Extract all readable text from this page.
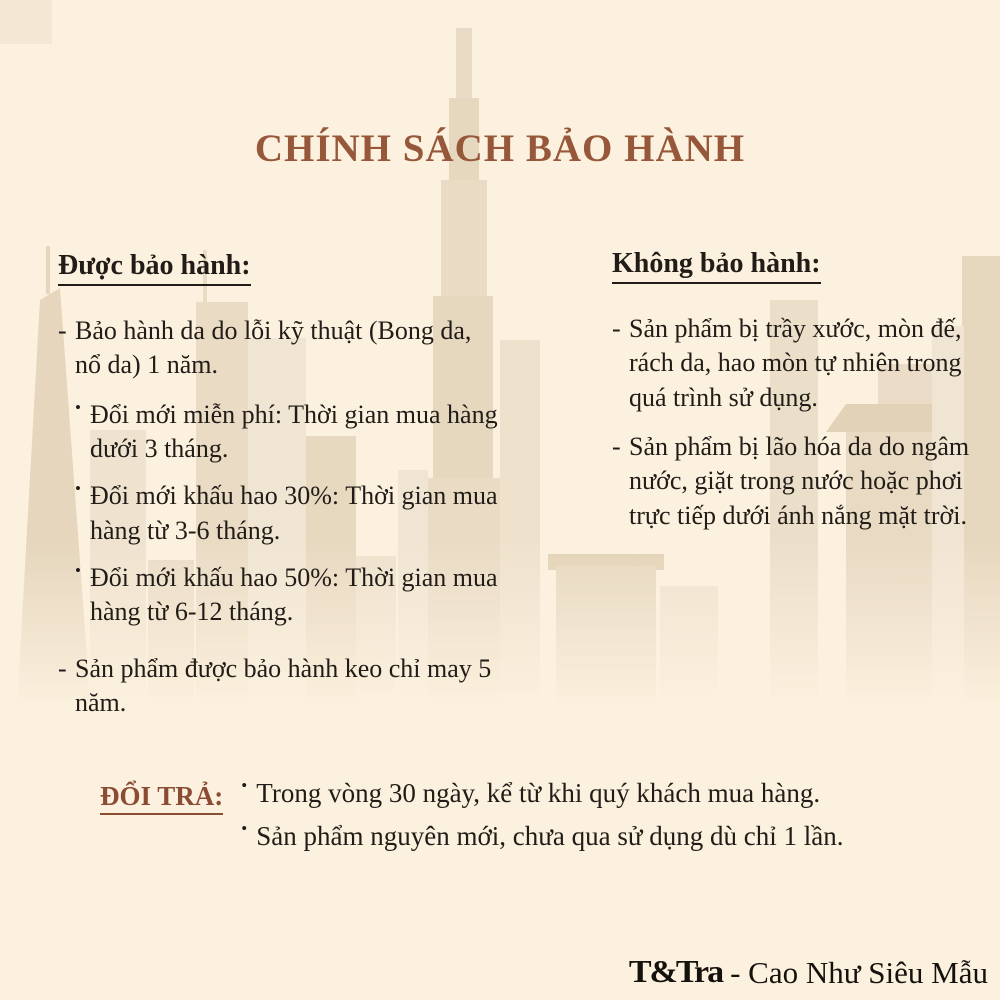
CHÍNH SÁCH BẢO HÀNH
Được bảo hành:
- Bảo hành da do lỗi kỹ thuật (Bong da, nổ da) 1 năm.
• Đổi mới miễn phí: Thời gian mua hàng dưới 3 tháng.
• Đổi mới khấu hao 30%: Thời gian mua hàng từ 3-6 tháng.
• Đổi mới khấu hao 50%: Thời gian mua hàng từ 6-12 tháng.
- Sản phẩm được bảo hành keo chỉ may 5 năm.
Không bảo hành:
- Sản phẩm bị trầy xước, mòn đế, rách da, hao mòn tự nhiên trong quá trình sử dụng.
- Sản phẩm bị lão hóa da do ngâm nước, giặt trong nước hoặc phơi trực tiếp dưới ánh nắng mặt trời.
ĐỔI TRẢ: • Trong vòng 30 ngày, kể từ khi quý khách mua hàng.
• Sản phẩm nguyên mới, chưa qua sử dụng dù chỉ 1 lần.
T&Tra - Cao Như Siêu Mẫu
